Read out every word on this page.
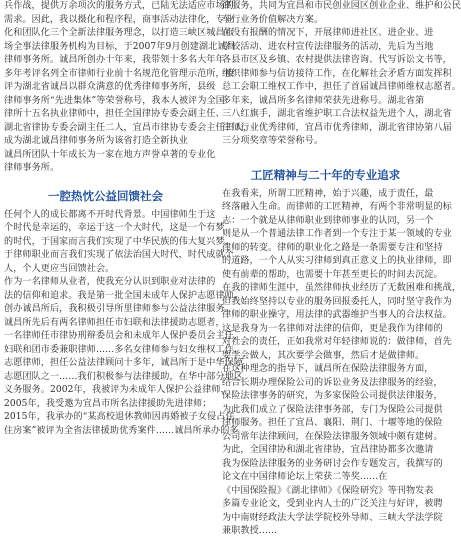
兵作战，提供万余项次的服务方式，已陆无法适应市场的
需求。因此，我以摄化和程序程，商事活动法律化，专业
化和团队化三个全新法律服务理念，以打造三峡区城昌市
场全事法律服务机构为目标，于2007年9月创建湖北诚昌
律师事务所。诚昌所创办十年来，我带领十多名大年年
多年考评名列全市律师行业前十名规范化管理示范所，被
评为湖北省诚昌以群众满意的优秀律师事务所，县级
律师事务所“先进集体”等荣誉称号，我本人被评为全国
律所十五名执业律师中，担任全国律协专委会副主任、
湖北省律协专委会副主任二人，宜昌市律协专委会主任三人，
成为湖北诚昌律师事务所为该省打造全新执业
诚昌所团队十年成长为一家在地方声誉卓著的专业化
律师事务所。
一腔热忱公益回馈社会
任何个人的成长都离不开时代背景。中国律师生于这
个时代是幸运的，幸运于这一个大时代，这是一个有梦
的时代，于国家而言我们实现了中华民族的伟大复兴梦，
于律师职业而言我们实现了依法治国大时代，时代成就个
人，个人更应当回馈社会。
作为一名律师从业者，使我充分认识到职业对法律的
法的信仰和追求。我是第一批全国未成年人保护志愿律师，
创办诚昌所后，我积极引导所里律师参与公益法律服务。
诚昌所先后有两名律师担任市妇联和法律援助志愿者，
一名律师任市律协刑辩委员会和未成年人保护委员会主任，
妇联和团市委兼职律师……多名女律师参与妇女维权工作，
志愿律师，担任公益法律顾问十多年，诚昌所于是中华保障
志愿团队之一……我们积极参与法律援助，在华中部分地区
义务服务。2002年，我被评为未成年人保护公益律师，
2005年，我受邀为宜昌市所名法律援助先进律师；
2015年，我承办的“某高校退休教师因再婚被子女侵占住
住房案”被评为全省法律援助优秀案件……诚昌所承办的多
律服务，共同为宜昌和市民创业园区创业企业、维护和公民
车行业务价值解决方案。
在没有报酬的情况下，开展律师进社区、进企业、进
学校活动、进农村宣传法律服务的活动，先后为当地
各县市区及乡镇、农村提供法律咨询、代写诉讼文书等，
组织律师参与信访接待工作，在化解社会矛盾方面发挥积
总工会职工维权工作中，担任了首届诚昌律师维权志愿者。
多年来，诚昌所多名律师荣获先进称号。湖北省第
三八红旗手，湖北省维护职工合法权益先进个人，湖北省
律师行业优秀律师，宜昌市优秀律师，湖北省律协第八届
三分项奖章等荣誉称号。
工匠精神与二十年的专业追求
在我看来，所谓工匠精神，始于兴趣，成于责任，最
终落融入生命。而律师的工匠精神，有两个非常明显的标
志：一个就是从律师职业到律师事业的认同，另一个
则是从一个普通法律工作者到一个专注于某一领域的专业
律师的转变。律师的职业化之路是一条需要专注和坚持
的道路，一个人从实习律师到真正意义上的执业律师，即
使有前辈的帮助，也需要十年甚至更长的时间去沉淀。
在我的律师生涯中，虽然律师执业经历了无数困难和挑战，
但我始终坚持以专业的服务回报委托人，同时坚守我作为
律师的职业操守，用法律的武器维护当事人的合法权益。
这是我身为一名律师对法律的信仰，更是我作为律师的
对社会的责任，正如我常对年轻律师说的：做律师，首先
要学会做人，其次要学会做事，然后才是做律师。
在这种理念的指导下，诚昌所在保险法律服务方面，
结合长期办理保险公司的诉讼业务及法律服务的经验，
保险法律事务的研究，为多家保险公司提供法律服务，
为此我们成立了保险法律事务部，专门为保险公司提供
律师服务。担任了宜昌、襄阳、荆门、十堰等地的保险
公司常年法律顾问，在保险法律服务领域中颇有建树。
为此，全国律协和湖北省律协，宜昌律协都多次邀请
我为保险法律服务的业务研讨会作专题发言，我撰写的
论文在中国律师论坛上荣获二等奖……在
《中国保险报》《湖北律师》《保险研究》等刊物发表
多篇专业论文，受到业内人士的广泛关注与好评，被聘
为中南财经政法大学法学院校外导师、三峡大学法学院
兼职教授……
